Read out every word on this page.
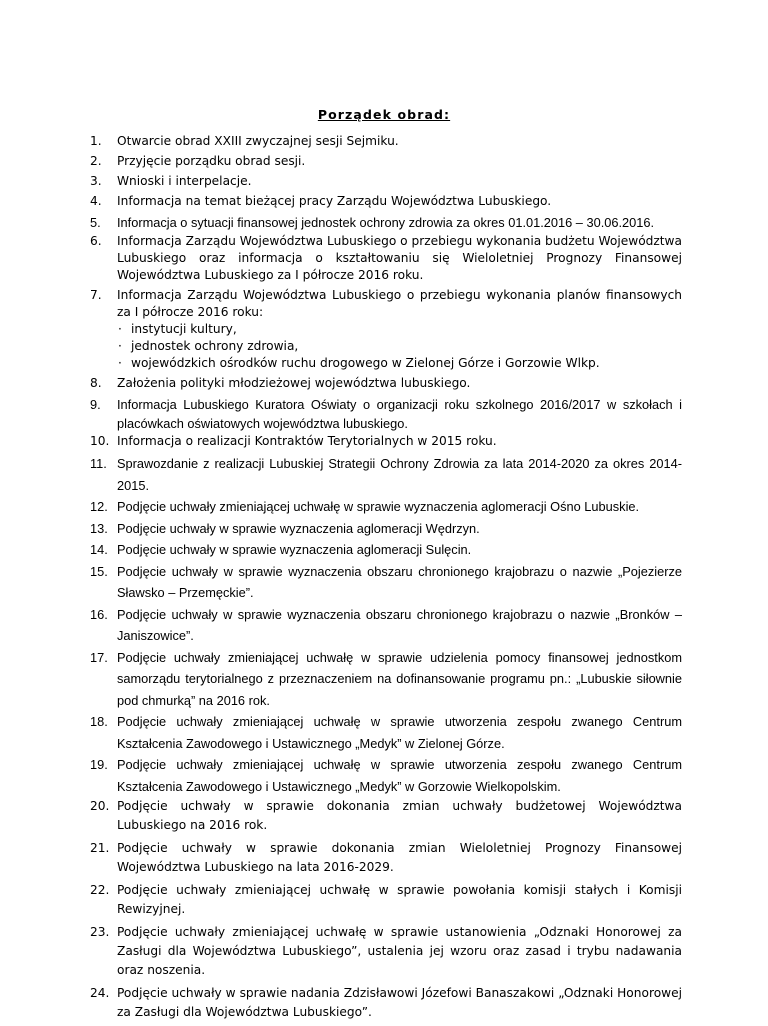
Porządek obrad:
1. Otwarcie obrad XXIII zwyczajnej sesji Sejmiku.
2. Przyjęcie porządku obrad sesji.
3. Wnioski i interpelacje.
4. Informacja na temat bieżącej pracy Zarządu Województwa Lubuskiego.
5. Informacja o sytuacji finansowej jednostek ochrony zdrowia za okres 01.01.2016 – 30.06.2016.
6. Informacja Zarządu Województwa Lubuskiego o przebiegu wykonania budżetu Województwa Lubuskiego oraz informacja o kształtowaniu się Wieloletniej Prognozy Finansowej Województwa Lubuskiego za I półrocze 2016 roku.
7. Informacja Zarządu Województwa Lubuskiego o przebiegu wykonania planów finansowych za I półrocze 2016 roku:
· instytucji kultury,
· jednostek ochrony zdrowia,
· wojewódzkich ośrodków ruchu drogowego w Zielonej Górze i Gorzowie Wlkp.
8. Założenia polityki młodzieżowej województwa lubuskiego.
9. Informacja Lubuskiego Kuratora Oświaty o organizacji roku szkolnego 2016/2017 w szkołach i placówkach oświatowych województwa lubuskiego.
10. Informacja o realizacji Kontraktów Terytorialnych w 2015 roku.
11. Sprawozdanie z realizacji Lubuskiej Strategii Ochrony Zdrowia za lata 2014-2020 za okres 2014-2015.
12. Podjęcie uchwały zmieniającej uchwałę w sprawie wyznaczenia aglomeracji Ośno Lubuskie.
13. Podjęcie uchwały w sprawie wyznaczenia aglomeracji Wędrzyn.
14. Podjęcie uchwały w sprawie wyznaczenia aglomeracji Sulęcin.
15. Podjęcie uchwały w sprawie wyznaczenia obszaru chronionego krajobrazu o nazwie „Pojezierze Sławsko – Przemęckie”.
16. Podjęcie uchwały w sprawie wyznaczenia obszaru chronionego krajobrazu o nazwie „Bronków – Janiszowice”.
17. Podjęcie uchwały zmieniającej uchwałę w sprawie udzielenia pomocy finansowej jednostkom samorządu terytorialnego z przeznaczeniem na dofinansowanie programu pn.: „Lubuskie siłownie pod chmurką” na 2016 rok.
18. Podjęcie uchwały zmieniającej uchwałę w sprawie utworzenia zespołu zwanego Centrum Kształcenia Zawodowego i Ustawicznego „Medyk” w Zielonej Górze.
19. Podjęcie uchwały zmieniającej uchwałę w sprawie utworzenia zespołu zwanego Centrum Kształcenia Zawodowego i Ustawicznego „Medyk” w Gorzowie Wielkopolskim.
20. Podjęcie uchwały w sprawie dokonania zmian uchwały budżetowej Województwa Lubuskiego na 2016 rok.
21. Podjęcie uchwały w sprawie dokonania zmian Wieloletniej Prognozy Finansowej Województwa Lubuskiego na lata 2016-2029.
22. Podjęcie uchwały zmieniającej uchwałę w sprawie powołania komisji stałych i Komisji Rewizyjnej.
23. Podjęcie uchwały zmieniającej uchwałę w sprawie ustanowienia „Odznaki Honorowej za Zasługi dla Województwa Lubuskiego”, ustalenia jej wzoru oraz zasad i trybu nadawania oraz noszenia.
24. Podjęcie uchwały w sprawie nadania Zdzisławowi Józefowi Banaszakowi „Odznaki Honorowej za Zasługi dla Województwa Lubuskiego”.
